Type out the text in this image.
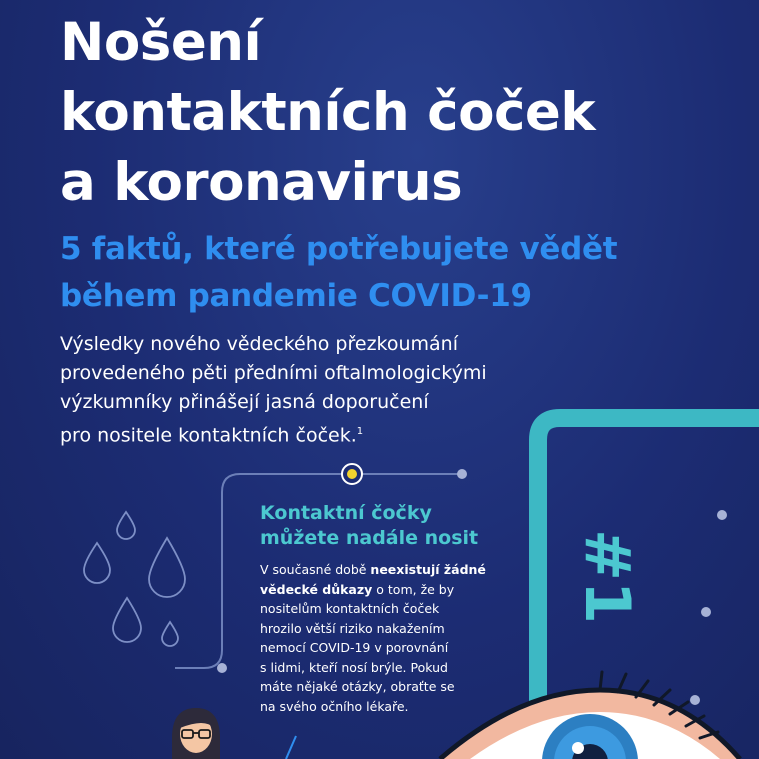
Nošení
kontaktních čoček
a koronavirus
5 faktů, které potřebujete vědět
během pandemie COVID-19
Výsledky nového vědeckého přezkoumání
provedeného pěti předními oftalmologickými
výzkumníky přinášejí jasná doporučení
pro nositele kontaktních čoček.$^1$
Kontaktní čočky
můžete nadále nosit
V současné době neexistují žádné
vědecké důkazy o tom, že by
nositelům kontaktních čoček
hrozilo větší riziko nakažením
nemocí COVID-19 v porovnání
s lidmi, kteří nosí brýle. Pokud
máte nějaké otázky, obraťte se
na svého očního lékaře.
#1
